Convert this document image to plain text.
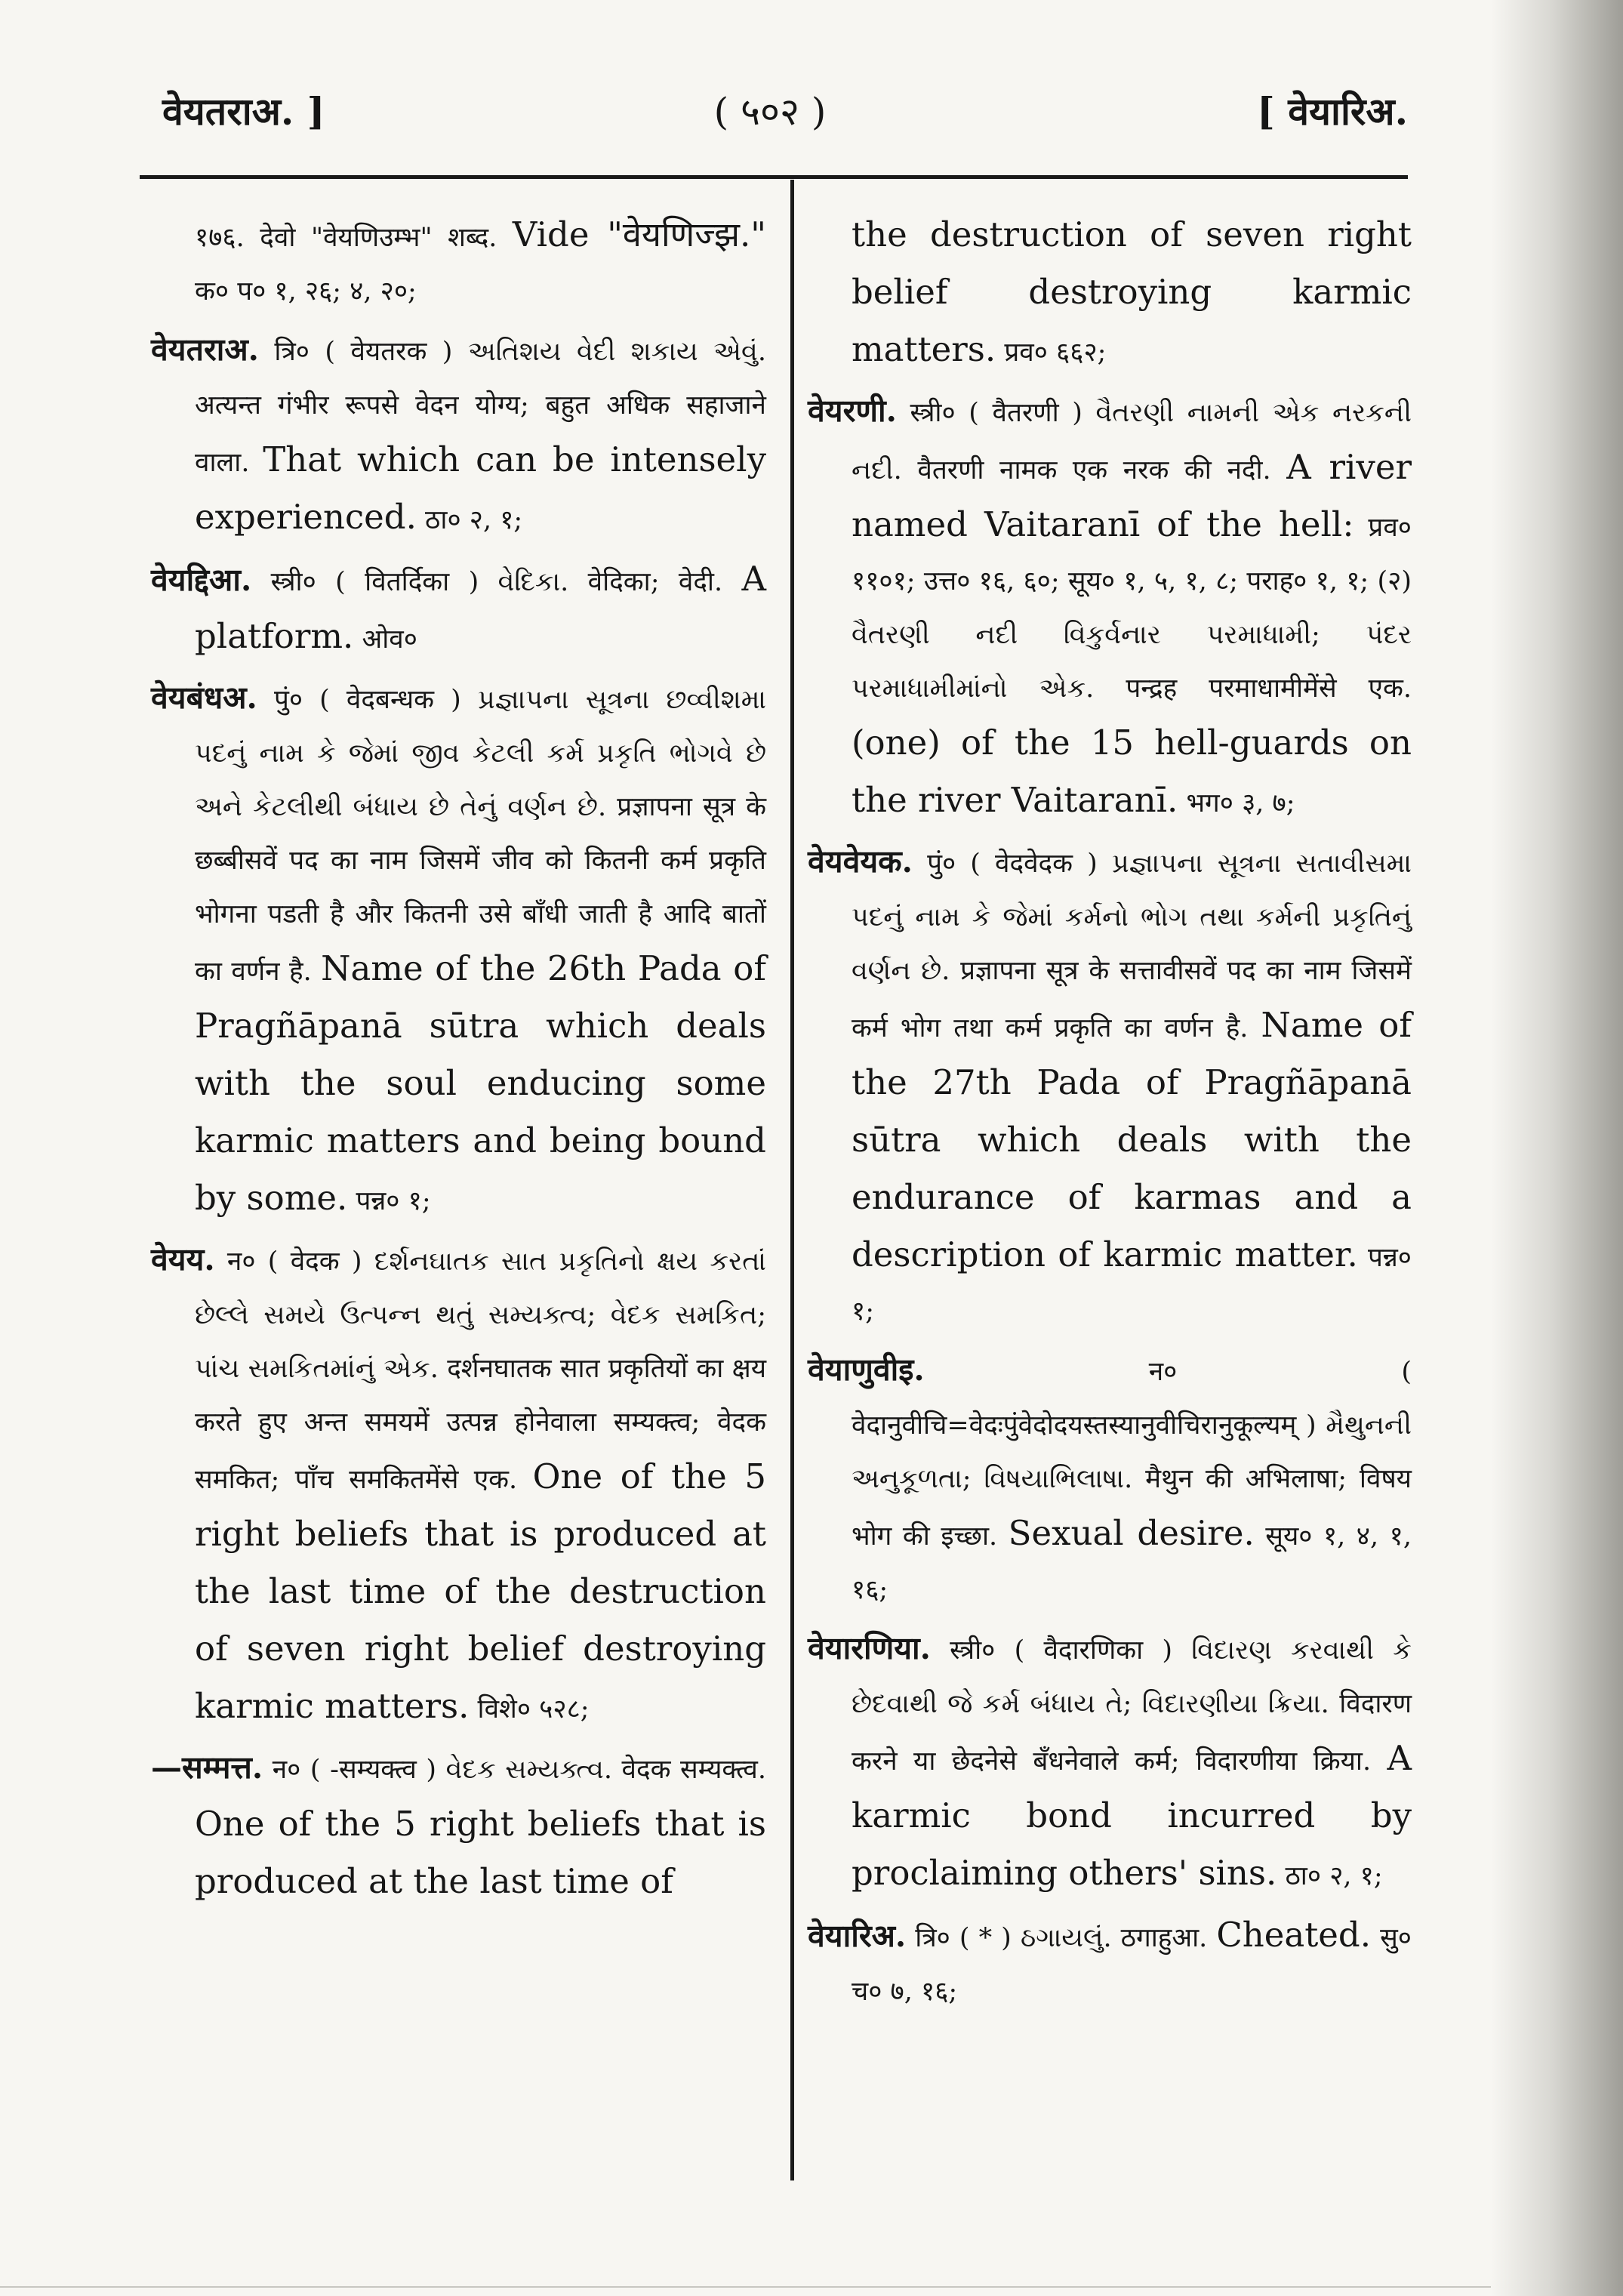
वेयतराअ. ]	( ५०२ )	[ वेयारिअ.

१७६. देवो "वेयणिउम्भ" शब्द. Vide "वेयणिज्झ." क० प० १, २६; ४, २०;

वेयतराअ. त्रि० ( वेयतरक ) અતિશય વેદી શકાય એવું. अत्यन्त गंभीर रूपसे वेदन योग्य; बहुत अधिक सहाजाने वाला. That which can be intensely experienced. ठा० २, १;

वेयद्दिआ. स्त्री० ( वितर्दिका ) વેદિકા. वेदिका; वेदी. A platform. ओव०

वेयबंधअ. पुं० ( वेदबन्धक ) પ્રજ્ઞાપના સૂત્રના છવ્વીશમા પદનું નામ કે જેમાં જીવ કેટલી કર્મ પ્રકૃતિ ભોગવે છે અને કેટલીથી બંધાય છે તેનું વર્ણન છે. प्रज्ञापना सूत्र के छब्बीसवें पद का नाम जिसमें जीव को कितनी कर्म प्रकृति भोगना पडती है और कितनी उसे बाँधी जाती है आदि बातों का वर्णन है. Name of the 26th Pada of Pragñāpanā sūtra which deals with the soul enducing some karmic matters and being bound by some. पन्न० १;

वेयय. न० ( वेदक ) દર્શનઘાતક સાત પ્રકૃતિનો ક્ષય કરતાં છેલ્લે સમયે ઉત્પન્ન થતું સમ્યક્ત્વ; વેદક સમકિત; પાંચ સમકિતમાંનું એક. दर्शनघातक सात प्रकृतियों का क्षय करते हुए अन्त समयमें उत्पन्न होनेवाला सम्यक्त्व; वेदक समकित; पाँच समकितमेंसे एक. One of the 5 right beliefs that is produced at the last time of the destruction of seven right belief destroying karmic matters. विशे० ५२८;

—सम्मत्त. न० ( -सम्यक्त्व ) વેદક સમ્યક્ત્વ. वेदक सम्यक्त्व. One of the 5 right beliefs that is produced at the last time of

the destruction of seven right belief destroying karmic matters. प्रव० ६६२;

वेयरणी. स्त्री० ( वैतरणी ) વૈતરણી નામની એક નરકની નદી. वैतरणी नामक एक नरक की नदी. A river named Vaitaranī of the hell: प्रव० ११०१; उत्त० १६, ६०; सूय० १, ५, १, ८; पराह० १, १; (२) વૈતરણી નદી વિકુર્વનાર પરમાધામી; પંદર પરમાધામીમાંનો એક. पन्द्रह परमाधामीमेंसे एक. (one) of the 15 hell-guards on the river Vaitaranī. भग० ३, ७;

वेयवेयक. पुं० ( वेदवेदक ) પ્રજ્ઞાપના સૂત્રના સતાવીસમા પદનું નામ કે જેમાં કર્મનો ભોગ તથા કર્મની પ્રકૃતિનું વર્ણન છે. प्रज्ञापना सूत्र के सत्तावीसवें पद का नाम जिसमें कर्म भोग तथा कर्म प्रकृति का वर्णन है. Name of the 27th Pada of Pragñāpanā sūtra which deals with the endurance of karmas and a description of karmic matter. पन्न० १;

वेयाणुवीइ.	न० ( वेदानुवीचि=वेदःपुंवेदोदयस्तस्यानुवीचिरानुकूल्यम् ) મૈથુનની અનુકૂળતા; વિષયાભિલાષા. मैथुन की अभिलाषा; विषय भोग की इच्छा. Sexual desire. सूय० १, ४, १, १६;

वेयारणिया. स्त्री० ( वैदारणिका ) વિદારણ કરવાથી કે છેદવાથી જે કર્મ બંધાય તે; વિદારણીયા ક્રિયા. विदारण करने या छेदनेसे बँधनेवाले कर्म; विदारणीया क्रिया. A karmic bond incurred by proclaiming others' sins. ठा० २, १;

वेयारिअ. त्रि० ( * ) ઠગાયલું. ठगाहुआ. Cheated. सु० च० ७, १६;
